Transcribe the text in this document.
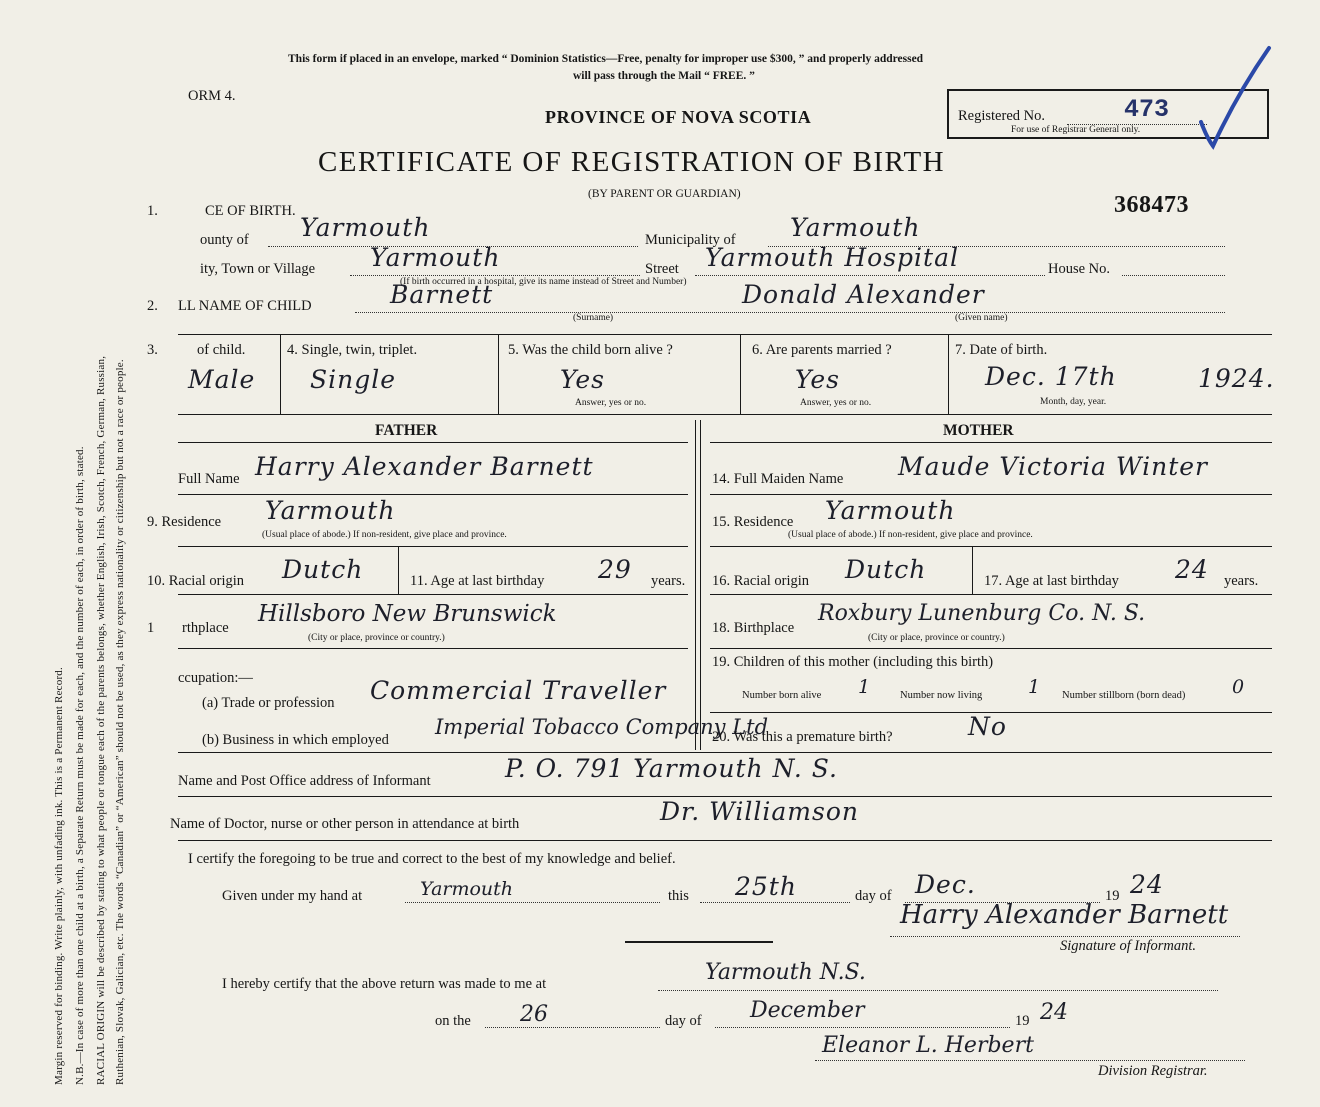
Margin reserved for binding. Write plainly, with unfading ink. This is a Permanent Record. N.B.—In case of more than one child at a birth, a Separate Return must be made for each, and the number of each, in order of birth, stated. RACIAL ORIGIN will be described by stating to what people or tongue each of the parents belongs, whether English, Irish, Scotch, French, German, Russian, Ruthenian, Slovak, Galician, etc. The words “Canadian” or “American” should not be used, as they express nationality or citizenship but not a race or people.
This form if placed in an envelope, marked “ Dominion Statistics—Free, penalty for improper use $300, ” and properly addressed
will pass through the Mail “ FREE. ”
ORM 4.
PROVINCE OF NOVA SCOTIA	Registered No.	473
For use of Registrar General only.
CERTIFICATE OF REGISTRATION OF BIRTH
(BY PARENT OR GUARDIAN)	368473
1.	CE OF BIRTH.
ounty of Yarmouth	Municipality of Yarmouth
ity, Town or Village Yarmouth	Street Yarmouth Hospital	House No.
(If birth occurred in a hospital, give its name instead of Street and Number)
2. LL NAME OF CHILD	Barnett
(Surname)
Donald Alexander
(Given name)
3.	of child.
Male
4. Single, twin, triplet.
Single
5. Was the child born alive ?
Yes
Answer, yes or no.
6. Are parents married ?
Yes
Answer, yes or no.
7. Date of birth.
Dec. 17th	1924.
Month, day, year.
FATHER	MOTHER
Full Name Harry Alexander Barnett
9. Residence Yarmouth
(Usual place of abode.) If non-resident, give place and province.
10. Racial origin Dutch	11. Age at last birthday 29 years.
1 rthplace
Hillsboro New Brunswick
(City or place, province or country.)
ccupation:—
(a) Trade or profession Commercial Traveller
(b) Business in which employed
Imperial Tobacco Company Ltd
14. Full Maiden Name Maude Victoria Winter
15. Residence Yarmouth
(Usual place of abode.) If non-resident, give place and province.
16. Racial origin Dutch	17. Age at last birthday 24 years.
18. Birthplace
Roxbury Lunenburg Co. N. S.
(City or place, province or country.)
19. Children of this mother (including this birth)
Number born alive 1	Number now living 1 Number stillborn (born dead) 0
20. Was this a premature birth?	No
Name and Post Office address of Informant	P. O. 791 Yarmouth N. S.
Name of Doctor, nurse or other person in attendance at birth	Dr. Williamson
I certify the foregoing to be true and correct to the best of my knowledge and belief.
Given under my hand at	Yarmouth	this 25th	day of Dec.	19 24
Harry Alexander Barnett
Signature of Informant.
I hereby certify that the above return was made to me at	Yarmouth N.S.
on the 26	day of December	19 24
Eleanor L. Herbert
Division Registrar.
